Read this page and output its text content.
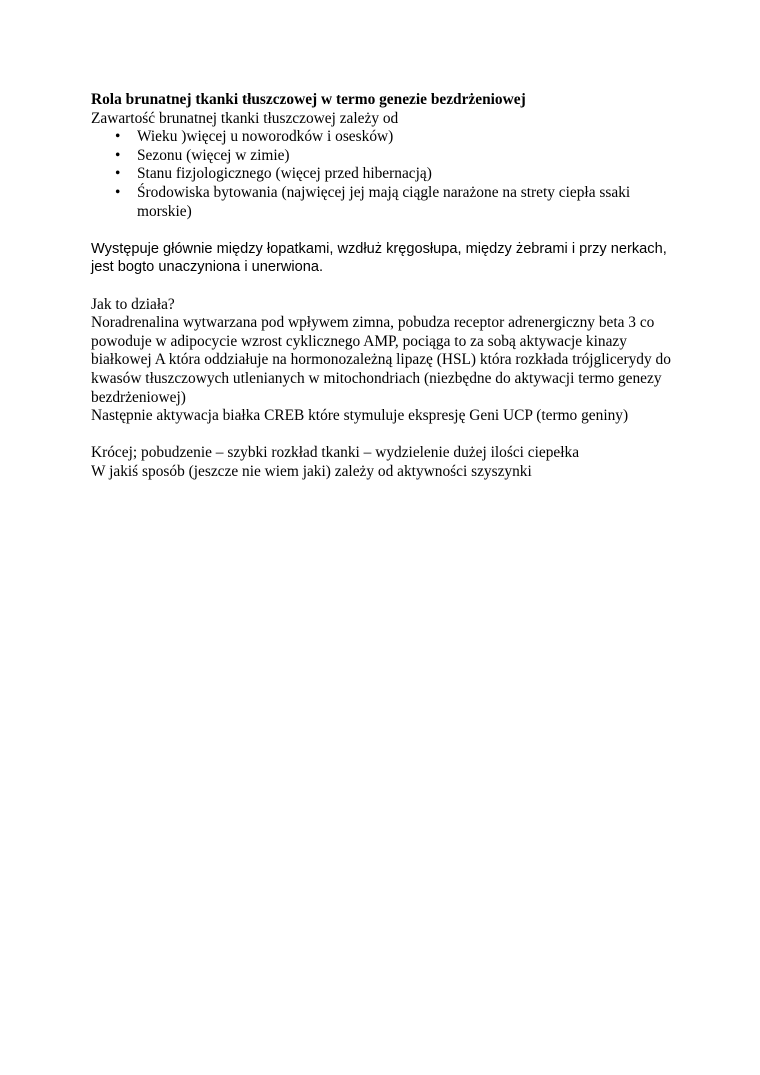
Rola brunatnej tkanki tłuszczowej w termo genezie bezdrżeniowej

Zawartość brunatnej tkanki tłuszczowej zależy od

• Wieku )więcej u noworodków i osesków)
• Sezonu (więcej w zimie)
• Stanu fizjologicznego (więcej przed hibernacją)
• Środowiska bytowania (najwięcej jej mają ciągle narażone na strety ciepła ssaki morskie)

Występuje głównie między łopatkami, wzdłuż kręgosłupa, między żebrami i przy nerkach, jest bogto unaczyniona i unerwiona.

Jak to działa?

Noradrenalina wytwarzana pod wpływem zimna, pobudza receptor adrenergiczny beta 3 co powoduje w adipocycie wzrost cyklicznego AMP, pociąga to za sobą aktywacje kinazy białkowej A która oddziałuje na hormonozależną lipazę (HSL) która rozkłada trójglicerydy do kwasów tłuszczowych utlenianych w mitochondriach (niezbędne do aktywacji termo genezy bezdrżeniowej)

Następnie aktywacja białka CREB które stymuluje ekspresję Geni UCP (termo geniny)

Krócej; pobudzenie – szybki rozkład tkanki – wydzielenie dużej ilości ciepełka

W jakiś sposób (jeszcze nie wiem jaki) zależy od aktywności szyszynki
